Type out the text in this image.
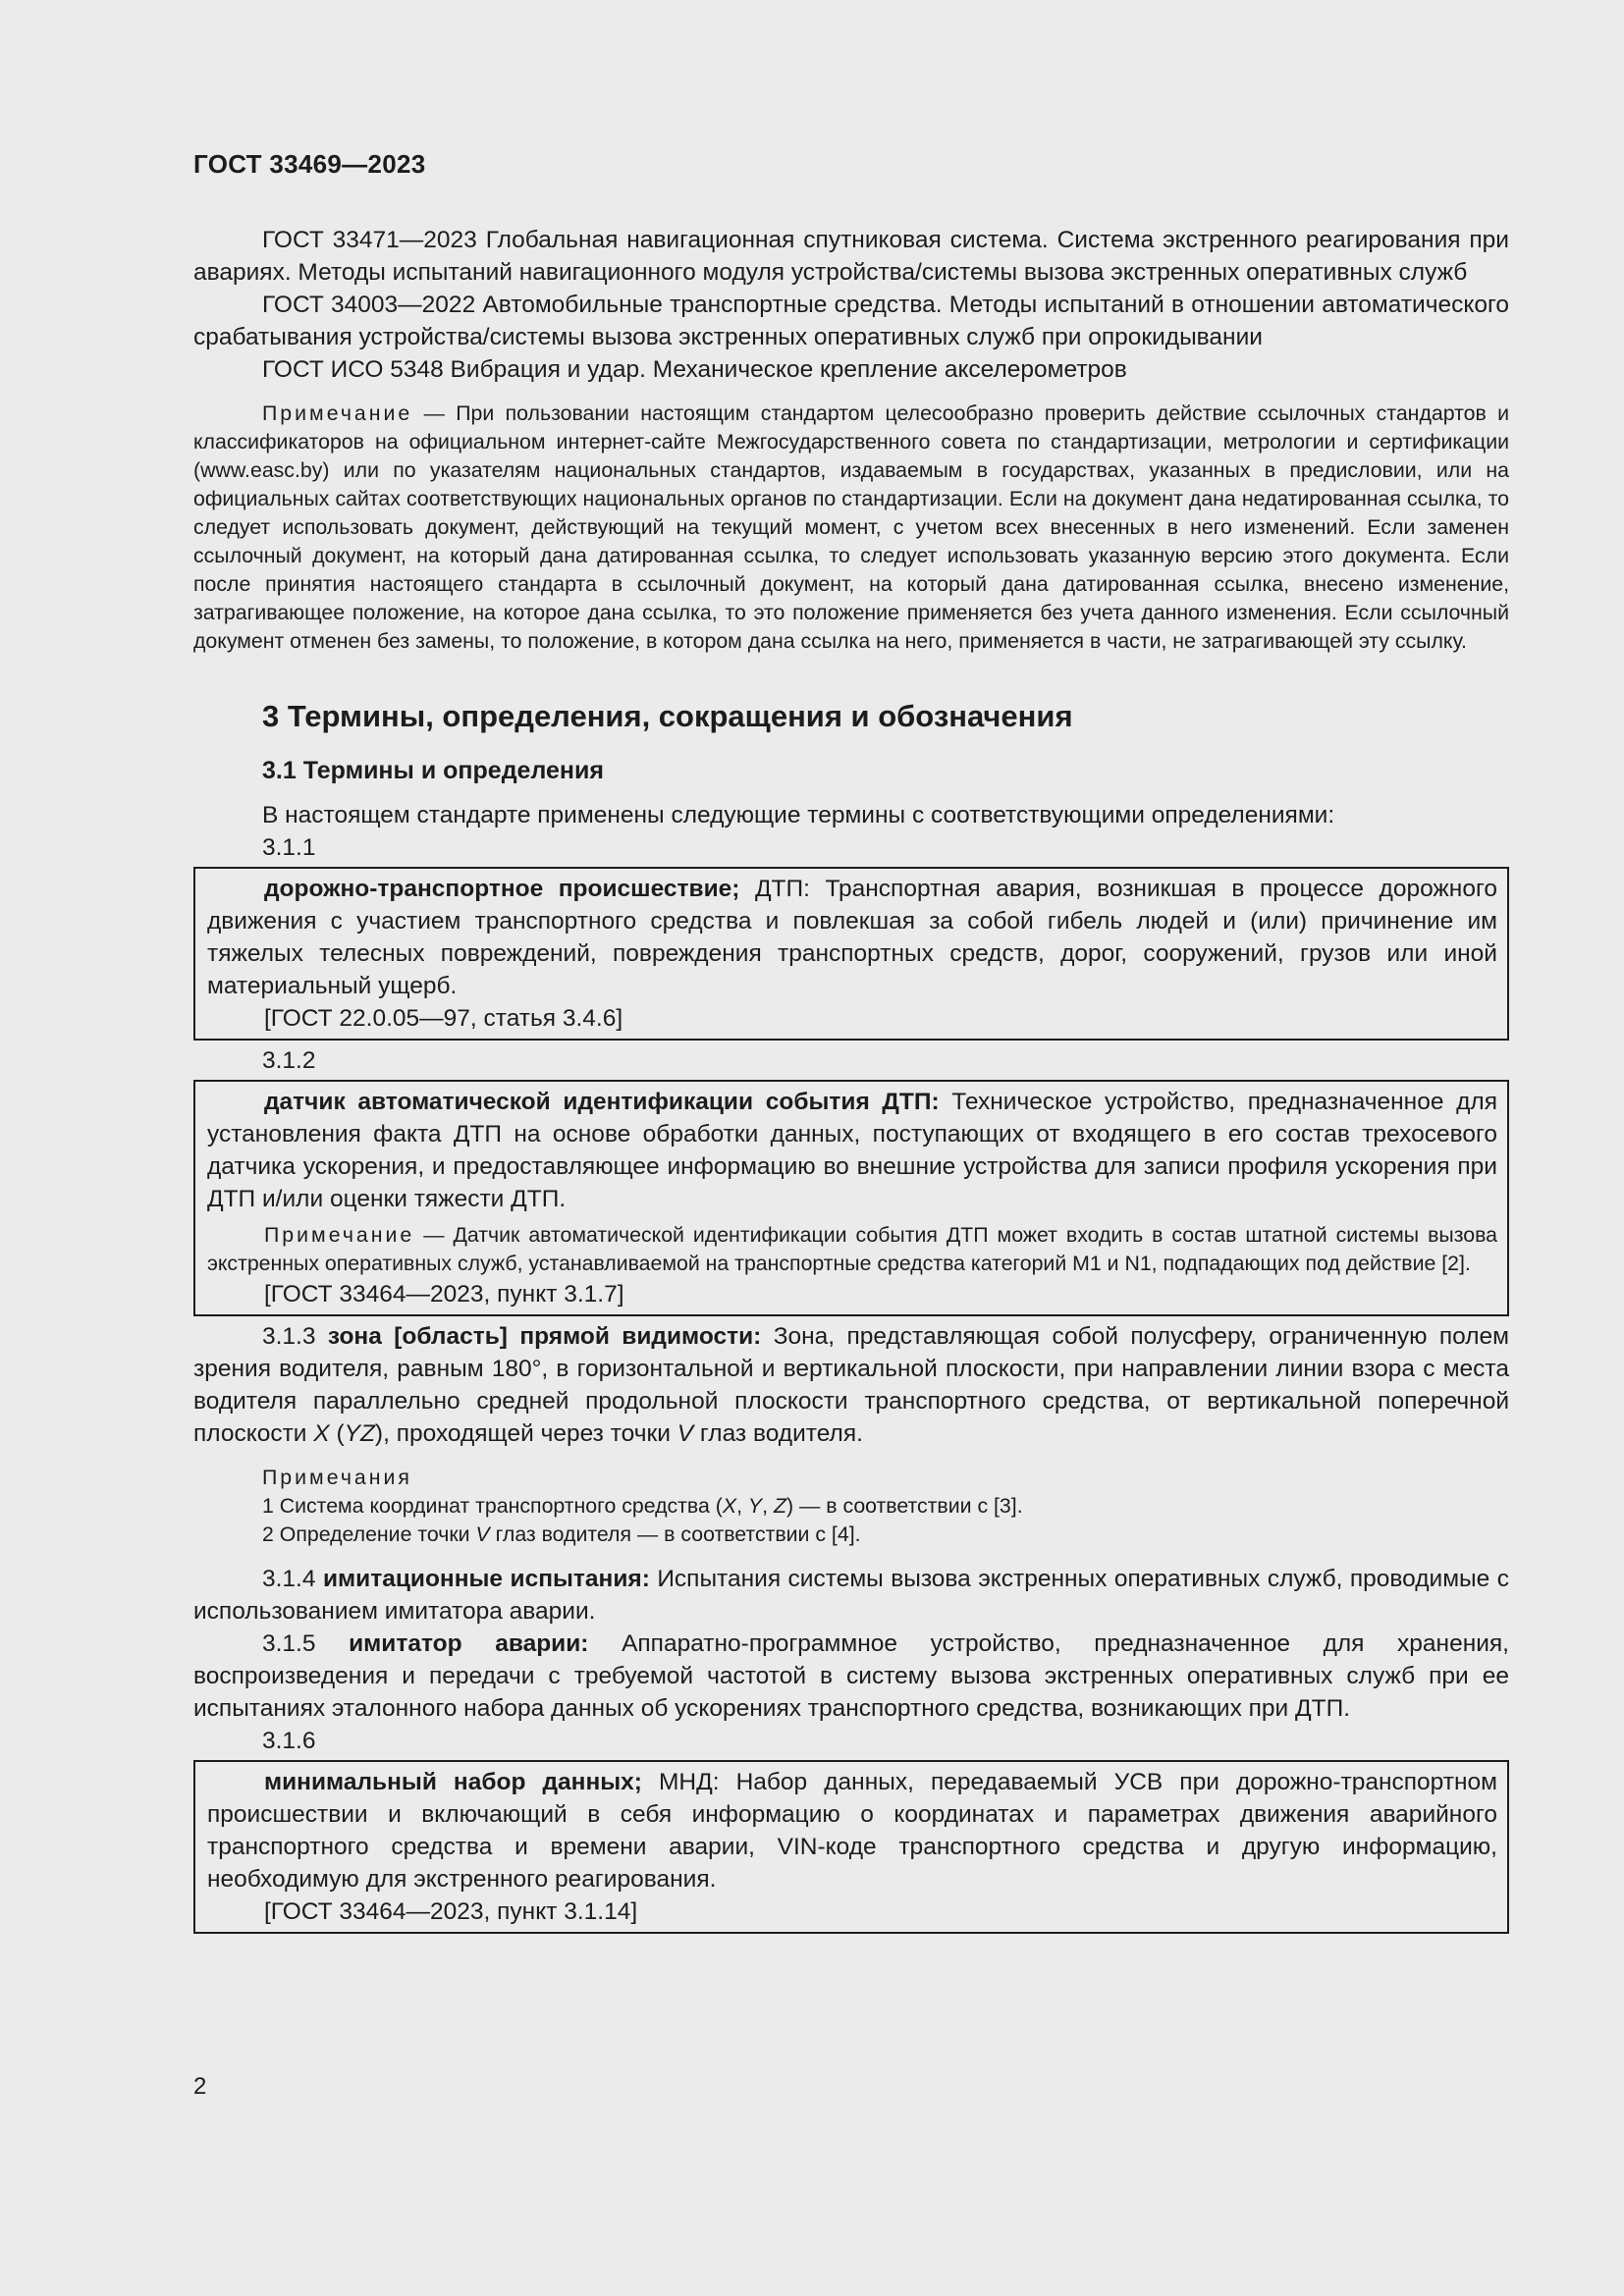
ГОСТ 33469—2023

ГОСТ 33471—2023 Глобальная навигационная спутниковая система. Система экстренного реагирования при авариях. Методы испытаний навигационного модуля устройства/системы вызова экстренных оперативных служб

ГОСТ 34003—2022 Автомобильные транспортные средства. Методы испытаний в отношении автоматического срабатывания устройства/системы вызова экстренных оперативных служб при опрокидывании

ГОСТ ИСО 5348 Вибрация и удар. Механическое крепление акселерометров

Примечание — При пользовании настоящим стандартом целесообразно проверить действие ссылочных стандартов и классификаторов на официальном интернет-сайте Межгосударственного совета по стандартизации, метрологии и сертификации (www.easc.by) или по указателям национальных стандартов, издаваемым в государствах, указанных в предисловии, или на официальных сайтах соответствующих национальных органов по стандартизации. Если на документ дана недатированная ссылка, то следует использовать документ, действующий на текущий момент, с учетом всех внесенных в него изменений. Если заменен ссылочный документ, на который дана датированная ссылка, то следует использовать указанную версию этого документа. Если после принятия настоящего стандарта в ссылочный документ, на который дана датированная ссылка, внесено изменение, затрагивающее положение, на которое дана ссылка, то это положение применяется без учета данного изменения. Если ссылочный документ отменен без замены, то положение, в котором дана ссылка на него, применяется в части, не затрагивающей эту ссылку.

3 Термины, определения, сокращения и обозначения
3.1 Термины и определения

В настоящем стандарте применены следующие термины с соответствующими определениями:

3.1.1

дорожно-транспортное происшествие; ДТП: Транспортная авария, возникшая в процессе дорожного движения с участием транспортного средства и повлекшая за собой гибель людей и (или) причинение им тяжелых телесных повреждений, повреждения транспортных средств, дорог, сооружений, грузов или иной материальный ущерб.

[ГОСТ 22.0.05—97, статья 3.4.6]
3.1.2

датчик автоматической идентификации события ДТП: Техническое устройство, предназначенное для установления факта ДТП на основе обработки данных, поступающих от входящего в его состав трехосевого датчика ускорения, и предоставляющее информацию во внешние устройства для записи профиля ускорения при ДТП и/или оценки тяжести ДТП.

Примечание — Датчик автоматической идентификации события ДТП может входить в состав штатной системы вызова экстренных оперативных служб, устанавливаемой на транспортные средства категорий M1 и N1, подпадающих под действие [2].

[ГОСТ 33464—2023, пункт 3.1.7]

3.1.3 зона [область] прямой видимости: Зона, представляющая собой полусферу, ограниченную полем зрения водителя, равным 180°, в горизонтальной и вертикальной плоскости, при направлении линии взора с места водителя параллельно средней продольной плоскости транспортного средства, от вертикальной поперечной плоскости X (YZ), проходящей через точки V глаз водителя.

Примечания
1 Система координат транспортного средства (X, Y, Z) — в соответствии с [3].
2 Определение точки V глаз водителя — в соответствии с [4].

3.1.4 имитационные испытания: Испытания системы вызова экстренных оперативных служб, проводимые с использованием имитатора аварии.

3.1.5 имитатор аварии: Аппаратно-программное устройство, предназначенное для хранения, воспроизведения и передачи с требуемой частотой в систему вызова экстренных оперативных служб при ее испытаниях эталонного набора данных об ускорениях транспортного средства, возникающих при ДТП.

3.1.6

минимальный набор данных; МНД: Набор данных, передаваемый УСВ при дорожно-транспортном происшествии и включающий в себя информацию о координатах и параметрах движения аварийного транспортного средства и времени аварии, VIN-коде транспортного средства и другую информацию, необходимую для экстренного реагирования.

[ГОСТ 33464—2023, пункт 3.1.14]
2
